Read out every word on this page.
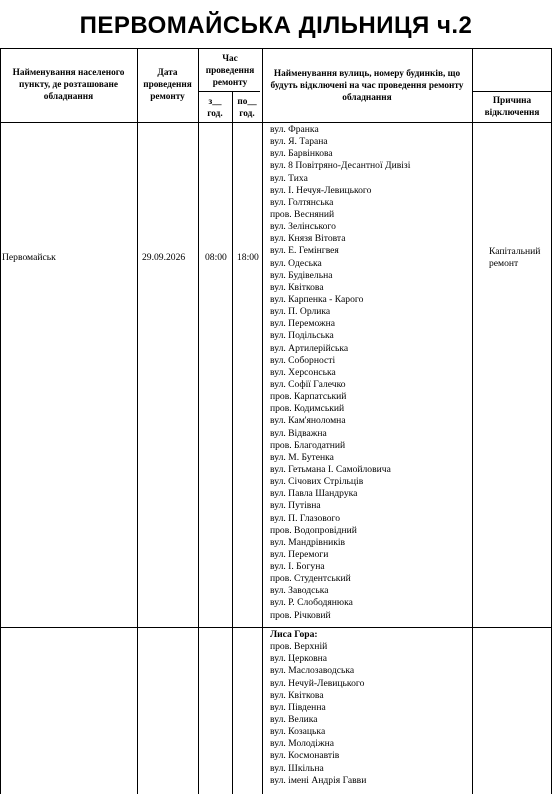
ПЕРВОМАЙСЬКА ДІЛЬНИЦЯ ч.2
Найменування населеного пункту, де розташоване обладнання
Дата проведення ремонту
Час проведення ремонту
з__ год.
по__ год.
Найменування вулиць, номеру будинків, що будуть відключені на час проведення ремонту обладнання	Причина відключення
Первомайськ	29.09.2026 08:00 18:00
Капітальний ремонт
вул. Франка
вул. Я. Тарана
вул. Барвінкова
вул. 8 Повітряно-Десантної Дивізі
вул. Тиха
вул. І. Нечуя-Левицького
вул. Голтянська
пров. Весняний
вул. Зелінського
вул. Князя Вітовта
вул. Е. Гемінгвея
вул. Одеська
вул. Будівельна
вул. Квіткова
вул. Карпенка - Карого
вул. П. Орлика
вул. Переможна
вул. Подільська
вул. Артилерійська
вул. Соборності
вул. Херсонська
вул. Софії Галечко
пров. Карпатський
пров. Кодимський
вул. Кам'яноломна
вул. Відважна
пров. Благодатний
вул. М. Бутенка
вул. Гетьмана І. Самойловича
вул. Січових Стрільців
вул. Павла Шандрука
вул. Путівна
вул. П. Глазового
пров. Водопровідний
вул. Мандрівників
вул. Перемоги
вул. І. Богуна
пров. Студентський
вул. Заводська
вул. Р. Слободянюка
пров. Річковий
Лиса Гора:
пров. Верхній
вул. Церковна
вул. Маслозаводська
вул. Нечуй-Левицького
вул. Квіткова
вул. Південна
вул. Велика
вул. Козацька
вул. Молодіжна
вул. Космонавтів
вул. Шкільна
вул. імені Андрія Гавви
